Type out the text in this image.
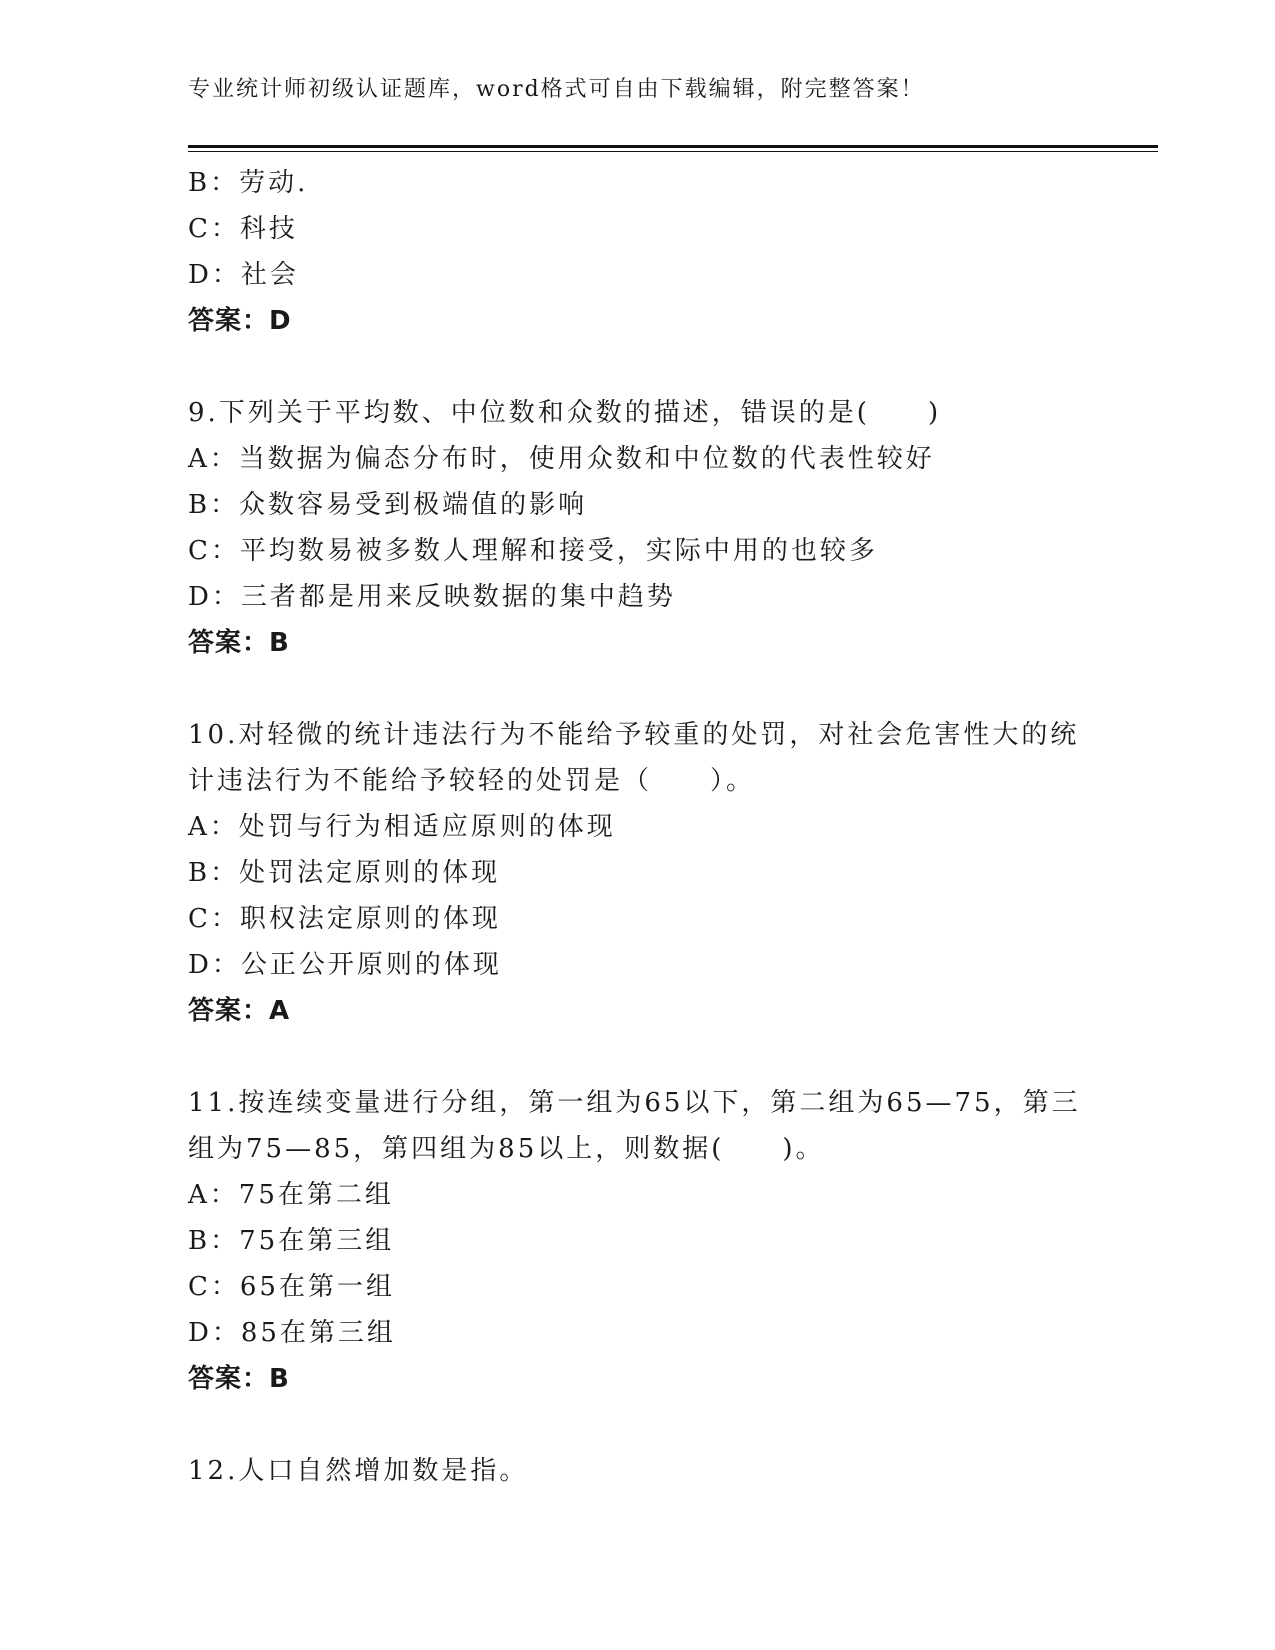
专业统计师初级认证题库，word格式可自由下载编辑，附完整答案！
B：劳动.
C：科技
D：社会
答案：D
9.下列关于平均数、中位数和众数的描述，错误的是(　　)
A：当数据为偏态分布时，使用众数和中位数的代表性较好
B：众数容易受到极端值的影响
C：平均数易被多数人理解和接受，实际中用的也较多
D：三者都是用来反映数据的集中趋势
答案：B
10.对轻微的统计违法行为不能给予较重的处罚，对社会危害性大的统
计违法行为不能给予较轻的处罚是（　　）。
A：处罚与行为相适应原则的体现
B：处罚法定原则的体现
C：职权法定原则的体现
D：公正公开原则的体现
答案：A
11.按连续变量进行分组，第一组为65以下，第二组为65—75，第三
组为75—85，第四组为85以上，则数据(　　)。
A：75在第二组
B：75在第三组
C：65在第一组
D：85在第三组
答案：B
12.人口自然增加数是指。
